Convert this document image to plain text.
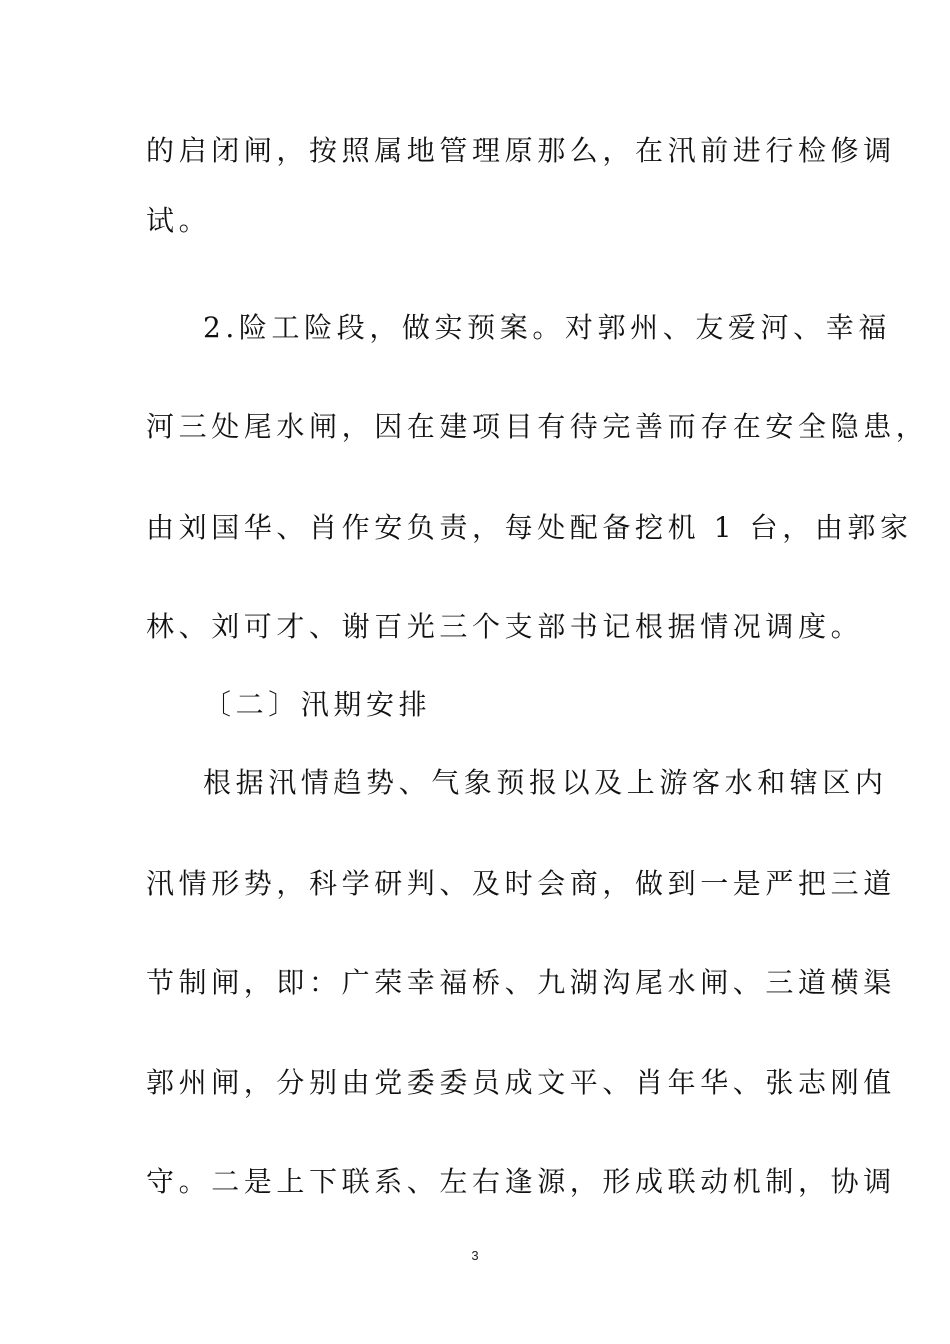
的启闭闸，按照属地管理原那么，在汛前进行检修调
试。
2.险工险段，做实预案。对郭州、友爱河、幸福
河三处尾水闸，因在建项目有待完善而存在安全隐患，
由刘国华、肖作安负责，每处配备挖机 1 台，由郭家
林、刘可才、谢百光三个支部书记根据情况调度。
〔二〕汛期安排
根据汛情趋势、气象预报以及上游客水和辖区内
汛情形势，科学研判、及时会商，做到一是严把三道
节制闸，即：广荣幸福桥、九湖沟尾水闸、三道横渠
郭州闸，分别由党委委员成文平、肖年华、张志刚值
守。二是上下联系、左右逢源，形成联动机制，协调
3
